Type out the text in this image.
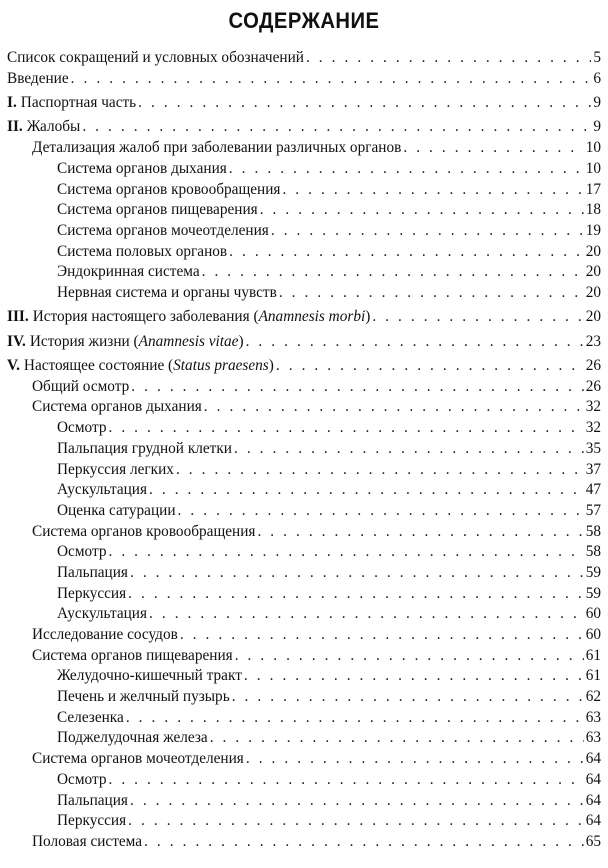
СОДЕРЖАНИЕ
Список сокращений и условных обозначений . . .	5
Введение . . .	6
I. Паспортная часть . . .	9
II. Жалобы . . .	9
Детализация жалоб при заболевании различных органов . . .	10
Система органов дыхания . . .	10
Система органов кровообращения . . .	17
Система органов пищеварения . . .	18
Система органов мочеотделения . . .	19
Система половых органов . . .	20
Эндокринная система . . .	20
Нервная система и органы чувств . . .	20
III. История настоящего заболевания (Anamnesis morbi) . . .	20
IV. История жизни (Anamnesis vitae) . . .	23
V. Настоящее состояние (Status praesens) . . .	26
Общий осмотр . . .	26
Система органов дыхания . . .	32
Осмотр . . .	32
Пальпация грудной клетки . . .	35
Перкуссия легких . . .	37
Аускультация . . .	47
Оценка сатурации . . .	57
Система органов кровообращения . . .	58
Осмотр . . .	58
Пальпация . . .	59
Перкуссия . . .	59
Аускультация . . .	60
Исследование сосудов . . .	60
Система органов пищеварения . . .	61
Желудочно-кишечный тракт . . .	61
Печень и желчный пузырь . . .	62
Селезенка . . .	63
Поджелудочная железа . . .	63
Система органов мочеотделения . . .	64
Осмотр . . .	64
Пальпация . . .	64
Перкуссия . . .	64
Половая система . . .	65
